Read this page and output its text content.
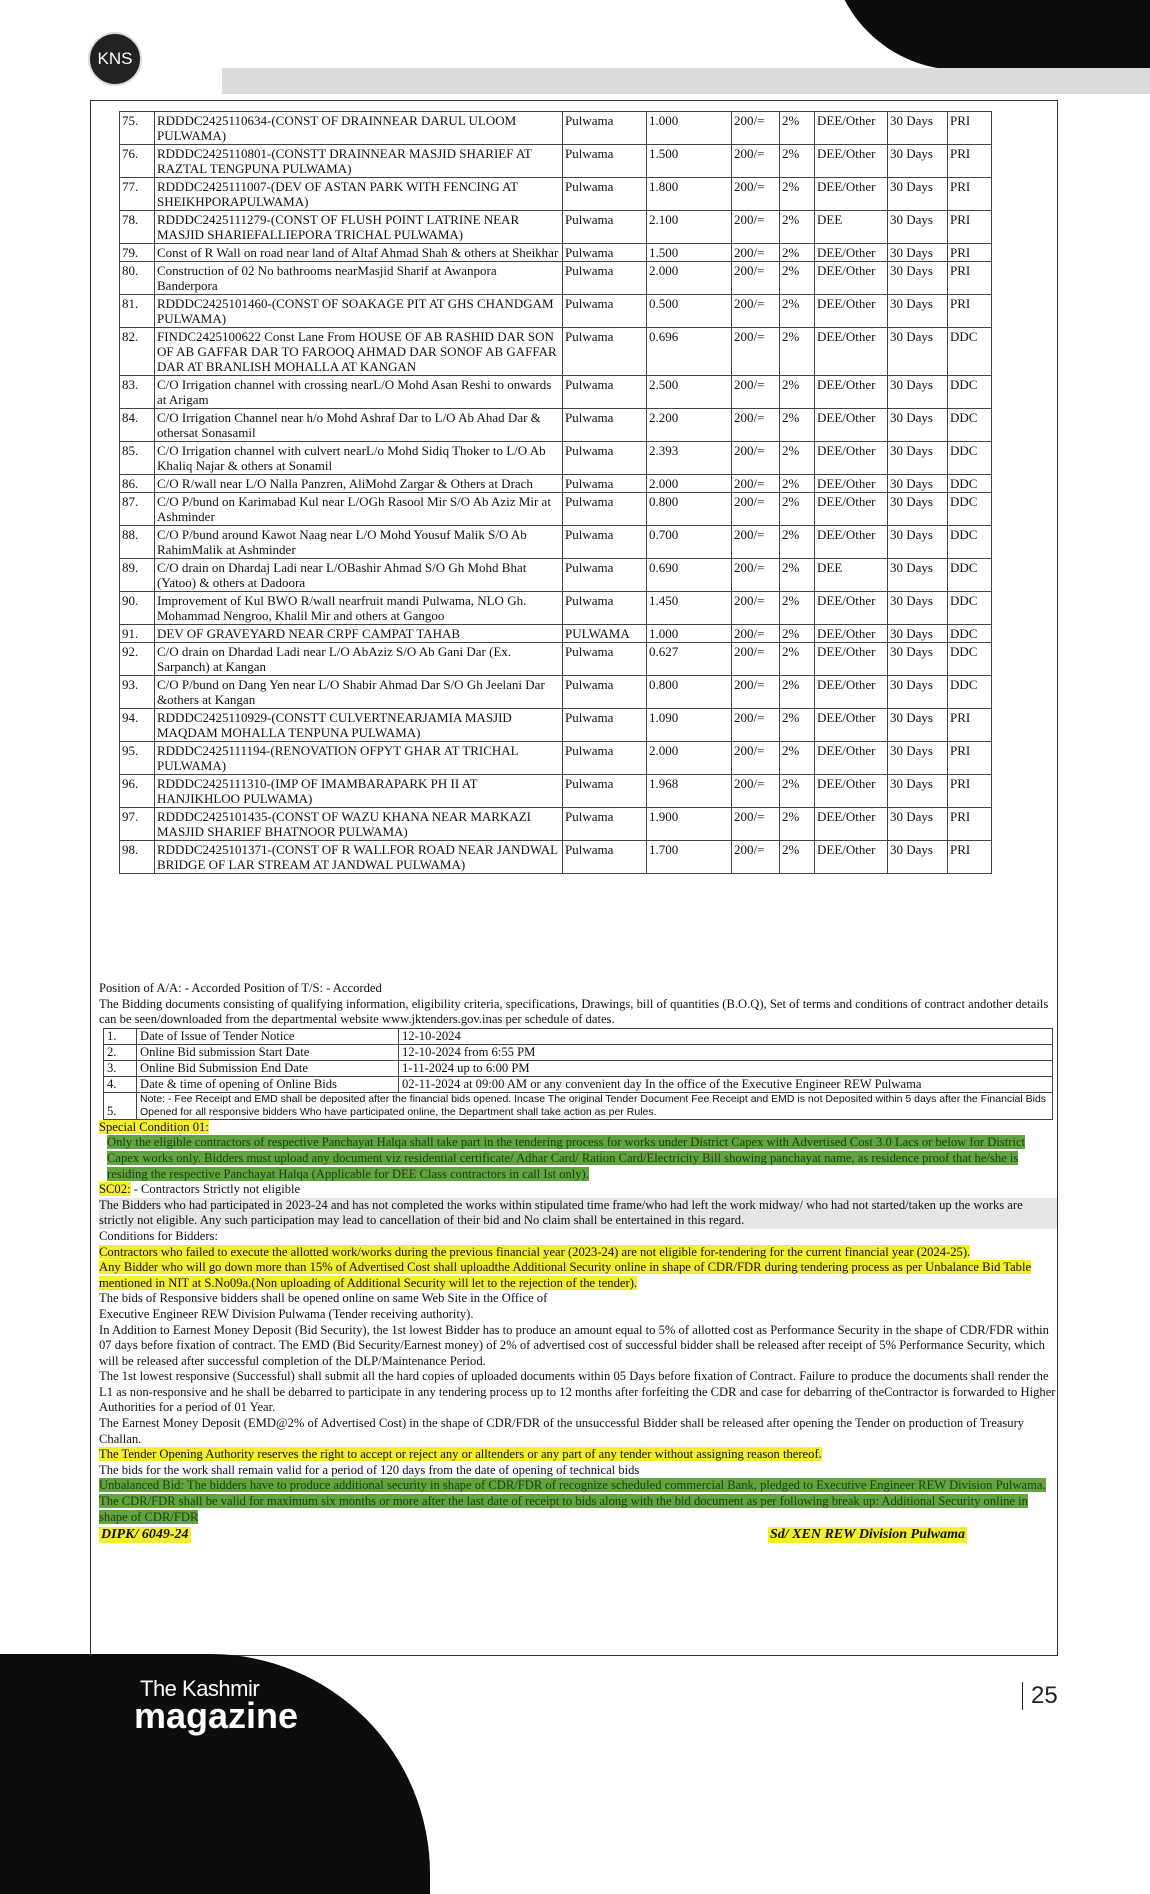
KNS
75.	RDDDC2425110634-(CONST OF DRAINNEAR DARUL ULOOM PULWAMA)	Pulwama	1.000	200/=	2%	DEE/Other	30 Days	PRI
76.	RDDDC2425110801-(CONSTT DRAINNEAR MASJID SHARIEF AT RAZTAL TENGPUNA PULWAMA)	Pulwama	1.500	200/=	2%	DEE/Other	30 Days	PRI
77.	RDDDC2425111007-(DEV OF ASTAN PARK WITH FENCING AT SHEIKHPORAPULWAMA)	Pulwama	1.800	200/=	2%	DEE/Other	30 Days	PRI
78.	RDDDC2425111279-(CONST OF FLUSH POINT LATRINE NEAR MASJID SHARIEFALLIEPORA TRICHAL PULWAMA)	Pulwama	2.100	200/=	2%	DEE	30 Days	PRI
79.	Const of R Wall on road near land of Altaf Ahmad Shah & others at Sheikhar	Pulwama	1.500	200/=	2%	DEE/Other	30 Days	PRI
80.	Construction of 02 No bathrooms nearMasjid Sharif at Awanpora Banderpora	Pulwama	2.000	200/=	2%	DEE/Other	30 Days	PRI
81.	RDDDC2425101460-(CONST OF SOAKAGE PIT AT GHS CHANDGAM PULWAMA)	Pulwama	0.500	200/=	2%	DEE/Other	30 Days	PRI
82.	FINDC2425100622 Const Lane From HOUSE OF AB RASHID DAR SON OF AB GAFFAR DAR TO FAROOQ AHMAD DAR SONOF AB GAFFAR DAR AT BRANLISH MOHALLA AT KANGAN	Pulwama	0.696	200/=	2%	DEE/Other	30 Days	DDC
83.	C/O Irrigation channel with crossing nearL/O Mohd Asan Reshi to onwards at Arigam	Pulwama	2.500	200/=	2%	DEE/Other	30 Days	DDC
84.	C/O Irrigation Channel near h/o Mohd Ashraf Dar to L/O Ab Ahad Dar & othersat Sonasamil	Pulwama	2.200	200/=	2%	DEE/Other	30 Days	DDC
85.	C/O Irrigation channel with culvert nearL/o Mohd Sidiq Thoker to L/O Ab Khaliq Najar & others at Sonamil	Pulwama	2.393	200/=	2%	DEE/Other	30 Days	DDC
86.	C/O R/wall near L/O Nalla Panzren, AliMohd Zargar & Others at Drach	Pulwama	2.000	200/=	2%	DEE/Other	30 Days	DDC
87.	C/O P/bund on Karimabad Kul near L/OGh Rasool Mir S/O Ab Aziz Mir at Ashminder	Pulwama	0.800	200/=	2%	DEE/Other	30 Days	DDC
88.	C/O P/bund around Kawot Naag near L/O Mohd Yousuf Malik S/O Ab RahimMalik at Ashminder	Pulwama	0.700	200/=	2%	DEE/Other	30 Days	DDC
89.	C/O drain on Dhardaj Ladi near L/OBashir Ahmad S/O Gh Mohd Bhat (Yatoo) & others at Dadoora	Pulwama	0.690	200/=	2%	DEE	30 Days	DDC
90.	Improvement of Kul BWO R/wall nearfruit mandi Pulwama, NLO Gh. Mohammad Nengroo, Khalil Mir and others at Gangoo	Pulwama	1.450	200/=	2%	DEE/Other	30 Days	DDC
91.	DEV OF GRAVEYARD NEAR CRPF CAMPAT TAHAB	PULWAMA	1.000	200/=	2%	DEE/Other	30 Days	DDC
92.	C/O drain on Dhardad Ladi near L/O AbAziz S/O Ab Gani Dar (Ex. Sarpanch) at Kangan	Pulwama	0.627	200/=	2%	DEE/Other	30 Days	DDC
93.	C/O P/bund on Dang Yen near L/O Shabir Ahmad Dar S/O Gh Jeelani Dar &others at Kangan	Pulwama	0.800	200/=	2%	DEE/Other	30 Days	DDC
94.	RDDDC2425110929-(CONSTT CULVERTNEARJAMIA MASJID MAQDAM MOHALLA TENPUNA PULWAMA)	Pulwama	1.090	200/=	2%	DEE/Other	30 Days	PRI
95.	RDDDC2425111194-(RENOVATION OFPYT GHAR AT TRICHAL PULWAMA)	Pulwama	2.000	200/=	2%	DEE/Other	30 Days	PRI
96.	RDDDC2425111310-(IMP OF IMAMBARAPARK PH II AT HANJIKHLOO PULWAMA)	Pulwama	1.968	200/=	2%	DEE/Other	30 Days	PRI
97.	RDDDC2425101435-(CONST OF WAZU KHANA NEAR MARKAZI MASJID SHARIEF BHATNOOR PULWAMA)	Pulwama	1.900	200/=	2%	DEE/Other	30 Days	PRI
98.	RDDDC2425101371-(CONST OF R WALLFOR ROAD NEAR JANDWAL BRIDGE OF LAR STREAM AT JANDWAL PULWAMA)	Pulwama	1.700	200/=	2%	DEE/Other	30 Days	PRI

Position of A/A: - Accorded Position of T/S: - Accorded

The Bidding documents consisting of qualifying information, eligibility criteria, specifications, Drawings, bill of quantities (B.O.Q), Set of terms and conditions of contract andother details can be seen/downloaded from the departmental website www.jktenders.gov.inas per schedule of dates.

1.	Date of Issue of Tender Notice	12-10-2024
2.	Online Bid submission Start Date	12-10-2024 from 6:55 PM
3.	Online Bid Submission End Date	1-11-2024 up to 6:00 PM
4.	Date & time of opening of Online Bids	02-11-2024 at 09:00 AM or any convenient day In the office of the Executive Engineer REW Pulwama
5.	Note: - Fee Receipt and EMD shall be deposited after the financial bids opened. Incase The original Tender Document Fee Receipt and EMD is not Deposited within 5 days after the Financial Bids Opened for all responsive bidders Who have participated online, the Department shall take action as per Rules.	

Special Condition 01:

Only the eligible contractors of respective Panchayat Halqa shall take part in the tendering process for works under District Capex with Advertised Cost 3.0 Lacs or below for District Capex works only. Bidders must upload any document viz residential certificate/ Adhar Card/ Ration Card/Electricity Bill showing panchayat name, as residence proof that he/she is residing the respective Panchayat Halqa (Applicable for DEE Class contractors in call Ist only).

SC02: - Contractors Strictly not eligible

The Bidders who had participated in 2023-24 and has not completed the works within stipulated time frame/who had left the work midway/ who had not started/taken up the works are strictly not eligible. Any such participation may lead to cancellation of their bid and No claim shall be entertained in this regard.

Conditions for Bidders:

Contractors who failed to execute the allotted work/works during the previous financial year (2023-24) are not eligible for-tendering for the current financial year (2024-25).

Any Bidder who will go down more than 15% of Advertised Cost shall uploadthe Additional Security online in shape of CDR/FDR during tendering process as per Unbalance Bid Table mentioned in NIT at S.No09a.(Non uploading of Additional Security will let to the rejection of the tender).

The bids of Responsive bidders shall be opened online on same Web Site in the Office of

Executive Engineer REW Division Pulwama (Tender receiving authority).

In Addition to Earnest Money Deposit (Bid Security), the 1st lowest Bidder has to produce an amount equal to 5% of allotted cost as Performance Security in the shape of CDR/FDR within 07 days before fixation of contract. The EMD (Bid Security/Earnest money) of 2% of advertised cost of successful bidder shall be released after receipt of 5% Performance Security, which will be released after successful completion of the DLP/Maintenance Period.

The 1st lowest responsive (Successful) shall submit all the hard copies of uploaded documents within 05 Days before fixation of Contract. Failure to produce the documents shall render the L1 as non-responsive and he shall be debarred to participate in any tendering process up to 12 months after forfeiting the CDR and case for debarring of theContractor is forwarded to Higher Authorities for a period of 01 Year.

The Earnest Money Deposit (EMD@2% of Advertised Cost) in the shape of CDR/FDR of the unsuccessful Bidder shall be released after opening the Tender on production of Treasury Challan.

The Tender Opening Authority reserves the right to accept or reject any or alltenders or any part of any tender without assigning reason thereof.

The bids for the work shall remain valid for a period of 120 days from the date of opening of technical bids

Unbalanced Bid: The bidders have to produce additional security in shape of CDR/FDR of recognize scheduled commercial Bank, pledged to Executive Engineer REW Division Pulwama. The CDR/FDR shall be valid for maximum six months or more after the last date of receipt to bids along with the bid document as per following break up: Additional Security online in shape of CDR/FDR

DIPK/ 6049-24	Sd/ XEN REW Division Pulwama
The Kashmir
magazine	25
